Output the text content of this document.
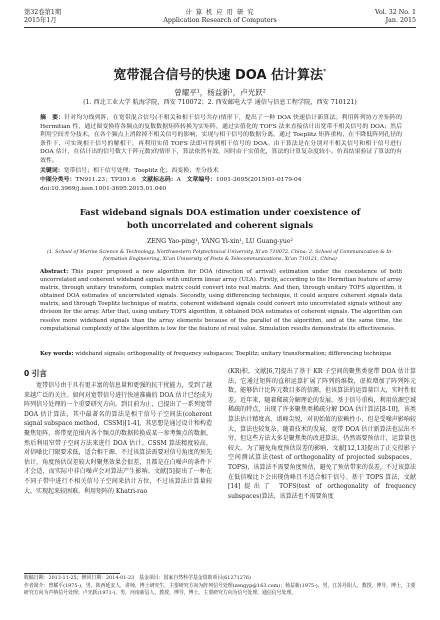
第32卷第1期
2015年1月
计 算 机 应 用 研 究
Application Research of Computers
Vol. 32 No. 1
Jan. 2015
宽带混合信号的快速 DOA 估计算法*
曾耀平¹，杨益新¹，卢光跃²
(1. 西北工业大学 航海学院，西安 710072；2. 西安邮电大学 通信与信息工程学院，西安 710121)
摘　要：针对均匀线列阵，在宽带混合信号(不相关和相干信号共存)情形下，提出了一种 DOA 快速估计新算法。利用阵列协方差矩阵的 Hermitian 性，通过图变换将各频点的复数数据矩阵转换为实矩阵，通过实值化的 TOFS 法来直接估计出宽带不相关信号的 DOA；然后利用空间差分技术，在各个频点上消除掉不相关信号的影响，实现与相干信号的数据分离，通过 Toeplitz 矩阵重构，在不降低阵列孔径的条件下，可实现相干信号的解相干，再利用实值 TOFS 法即可得到相干信号的 DOA。由于算法是在分别对不相关信号和相干信号进行 DOA 估计，在估计出的信号数大于阵元数)的情形下，算法依然有效，同时由于实值化，算法的计算复杂度较小。仿真结果验证了算法的有效性。
关键词：宽带信号；相干信号处理；Toeplitz 化；酉变换；差分技术
中图分类号：TN911.23；TP301.6 文献标志码：A 文章编号：1001-3695(2015)01-0179-04
doi:10.3969/j.issn.1001-3695.2015.01.040
Fast wideband signals DOA estimation under coexistence of
both uncorrelated and coherent signals
ZENG Yao-ping¹, YANG Yi-xin¹, LU Guang-yue²
(1. School of Marine Science & Technology, Northwestern Polytechnical University, Xi'an 710072, China; 2. School of Communication & In-
formation Engineering, Xi'an University of Posts & Telecommunications, Xi'an 710121, China)
Abstract: This paper proposed a new algorithm for DOA (direction of arrival) estimation under the coexistence of both uncorrelated and coherent wideband signals with uniform linear array (ULA). Firstly, according to the Hermitian feature of array matrix, through unitary transform, complex matrix could convert into real matrix. And then, through unitary TOFS algorithm, it obtained DOA estimates of uncorrelated signals. Secondly, using differencing technique, it could acquire coherent signals data matrix, and through Toeplitz technique of matrix, coherent wideband signals could convert into uncorrelated signals without any division for the array. After that, using unitary TOFS algorithm, it obtained DOA estimates of coherent signals. The algorithm can resolve more wideband signals than the array elements because of the parallel of the algorithm, and at the same time, the computational complexity of the algorithm is low for the feature of real value. Simulation results demonstrate its effectiveness.
Key words: wideband signals; orthogonality of frequency subspaces; Toeplitz; unitary transformation; differencing technique
0 引言
宽带信号由于具有更丰富的信息量和更强的抗干扰能力，受到了越来越广泛的关注。如何对宽带信号进行快速准确的 DOA 估计已经成为阵列信号处理的一个重要研究方向。到目前为止，已提出了一系列宽带 DOA 估计算法，其中最著名的算法是相干信号子空间法(coherent signal subspace method，CSSM)[1-4]，其思想是通过设计和构造聚焦矩阵，将带宽范围内各个频点的数据转换成某一参考频点的数据，然后利用窄带子空间方法来进行 DOA 估计。CSSM 算法精度较高，对信噪比门限要求低，适合相干源，不过该算法需要对信号角度的预先估计，角度预估误差较大时聚焦效果会很差，且都是在白噪声的条件下才会适，而实际中非白噪声会对算法产生影响。文献[5]提出了一种在不同子带中进行不相关信号子空间来估计方位，不过该算法计算量较大，实现起来较困难。利用矩阵的 Khatri-rao
(KR)积，文献[6,7]提出了基于 KR 子空间的聚焦类宽带 DOA 估计算法，它通过矩阵的直积运算扩展了阵列的维数，虚拟增加了阵列阵元数，能够估计比阵元数目多的信源，但该算法的运算量巨大，实时性很差。近年来，随着稀疏分解理论的发展，基于信号重构，利用信源空域稀疏的特点，出现了许多聚焦类稀疏分解 DOA 估计算法[8-10]，该类算法估计精度高、谱峰尖锐，对初始值的依赖性小，但是受噪声影响较大，算法也较复杂。随着技术的发展，宽带 DOA 估计新算法也层出不穷，但这些方法大多是聚焦类的改进算法，仍然需要预估计，运算量也较大。为了避免角度预估误差的影响，文献[12,13]提出了正交投影子空间测试算法(test of orthogonality of projected subspaces，TOPS)，该算法不需要角度预估，避免了预估带来的误差，不过该算法在低信噪比下会出现伪峰且不适合相干信号。基于 TOPS 算法，文献[14]提出了 TOFS(test of orthogonality of frequency subspaces)算法，该算法也不需要角度
收稿日期：2013-11-25；修回日期：2014-01-23　基金项目：国家自然科学基金资助项目(61271276)
作者简介：曾耀平(1975-)，男，陕西延安人，讲师，博士研究生，主要研究方向为阵列信号处理(zengyp@163.com)；杨益新(1975-)，男，江苏丹阳人，教授，博导，博士，主要研究方向为声纳信号处理；卢光跃(1971-)，男，河南新县人，教授，博导，博士，主要研究方向为信号处理、通信信号处理。
